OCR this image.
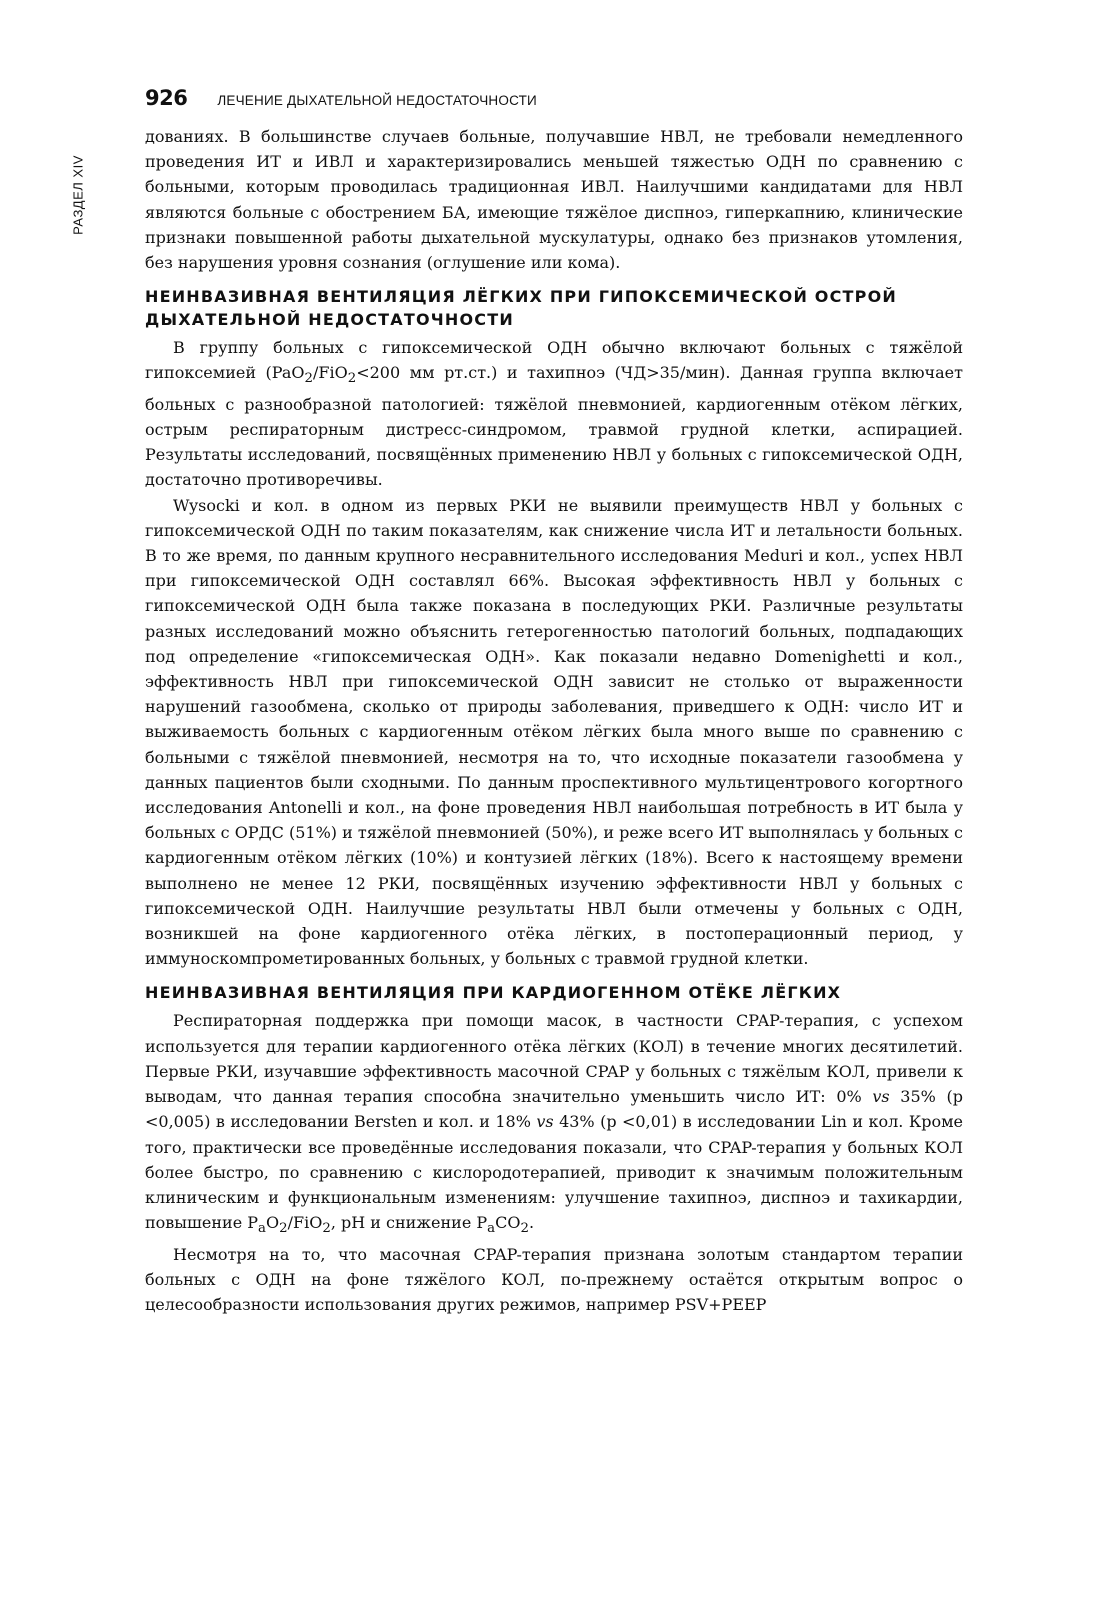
РАЗДЕЛ XIV
926 ЛЕЧЕНИЕ ДЫХАТЕЛЬНОЙ НЕДОСТАТОЧНОСТИ

дованиях. В большинстве случаев больные, получавшие НВЛ, не требовали немедленного проведения ИТ и ИВЛ и характеризировались меньшей тяжестью ОДН по сравнению с больными, которым проводилась традиционная ИВЛ. Наилучшими кандидатами для НВЛ являются больные с обострением БА, имеющие тяжёлое диспноэ, гиперкапнию, клинические признаки повышенной работы дыхательной мускулатуры, однако без признаков утомления, без нарушения уровня сознания (оглушение или кома).

НЕИНВАЗИВНАЯ ВЕНТИЛЯЦИЯ ЛЁГКИХ ПРИ ГИПОКСЕМИЧЕСКОЙ ОСТРОЙ ДЫХАТЕЛЬНОЙ НЕДОСТАТОЧНОСТИ

В группу больных с гипоксемической ОДН обычно включают больных с тяжёлой гипоксемией (PaO$_2$/FiO$_2$<200 мм рт.ст.) и тахипноэ (ЧД>35/мин). Данная группа включает больных с разнообразной патологией: тяжёлой пневмонией, кардиогенным отёком лёгких, острым респираторным дистресс-синдромом, травмой грудной клетки, аспирацией. Результаты исследований, посвящённых применению НВЛ у больных с гипоксемической ОДН, достаточно противоречивы.

Wysocki и кол. в одном из первых РКИ не выявили преимуществ НВЛ у больных с гипоксемической ОДН по таким показателям, как снижение числа ИТ и летальности больных. В то же время, по данным крупного несравнительного исследования Meduri и кол., успех НВЛ при гипоксемической ОДН составлял 66%. Высокая эффективность НВЛ у больных с гипоксемической ОДН была также показана в последующих РКИ. Различные результаты разных исследований можно объяснить гетерогенностью патологий больных, подпадающих под определение «гипоксемическая ОДН». Как показали недавно Domenighetti и кол., эффективность НВЛ при гипоксемической ОДН зависит не столько от выраженности нарушений газообмена, сколько от природы заболевания, приведшего к ОДН: число ИТ и выживаемость больных с кардиогенным отёком лёгких была много выше по сравнению с больными с тяжёлой пневмонией, несмотря на то, что исходные показатели газообмена у данных пациентов были сходными. По данным проспективного мультицентрового когортного исследования Antonelli и кол., на фоне проведения НВЛ наибольшая потребность в ИТ была у больных с ОРДС (51%) и тяжёлой пневмонией (50%), и реже всего ИТ выполнялась у больных с кардиогенным отёком лёгких (10%) и контузией лёгких (18%). Всего к настоящему времени выполнено не менее 12 РКИ, посвящённых изучению эффективности НВЛ у больных с гипоксемической ОДН. Наилучшие результаты НВЛ были отмечены у больных с ОДН, возникшей на фоне кардиогенного отёка лёгких, в постоперационный период, у иммуноскомпрометированных больных, у больных с травмой грудной клетки.

НЕИНВАЗИВНАЯ ВЕНТИЛЯЦИЯ ПРИ КАРДИОГЕННОМ ОТЁКЕ ЛЁГКИХ

Респираторная поддержка при помощи масок, в частности CPAP-терапия, с успехом используется для терапии кардиогенного отёка лёгких (КОЛ) в течение многих десятилетий. Первые РКИ, изучавшие эффективность масочной CPAP у больных с тяжёлым КОЛ, привели к выводам, что данная терапия способна значительно уменьшить число ИТ: 0% vs 35% (р <0,005) в исследовании Bersten и кол. и 18% vs 43% (р <0,01) в исследовании Lin и кол. Кроме того, практически все проведённые исследования показали, что CPAP-терапия у больных КОЛ более быстро, по сравнению с кислородотерапией, приводит к значимым положительным клиническим и функциональным изменениям: улучшение тахипноэ, диспноэ и тахикардии, повышение $P_aO_2/FiO_2$, pH и снижение $P_aCO_2$.

Несмотря на то, что масочная CPAP-терапия признана золотым стандартом терапии больных с ОДН на фоне тяжёлого КОЛ, по-прежнему остаётся открытым вопрос о целесообразности использования других режимов, например PSV+PEEP
